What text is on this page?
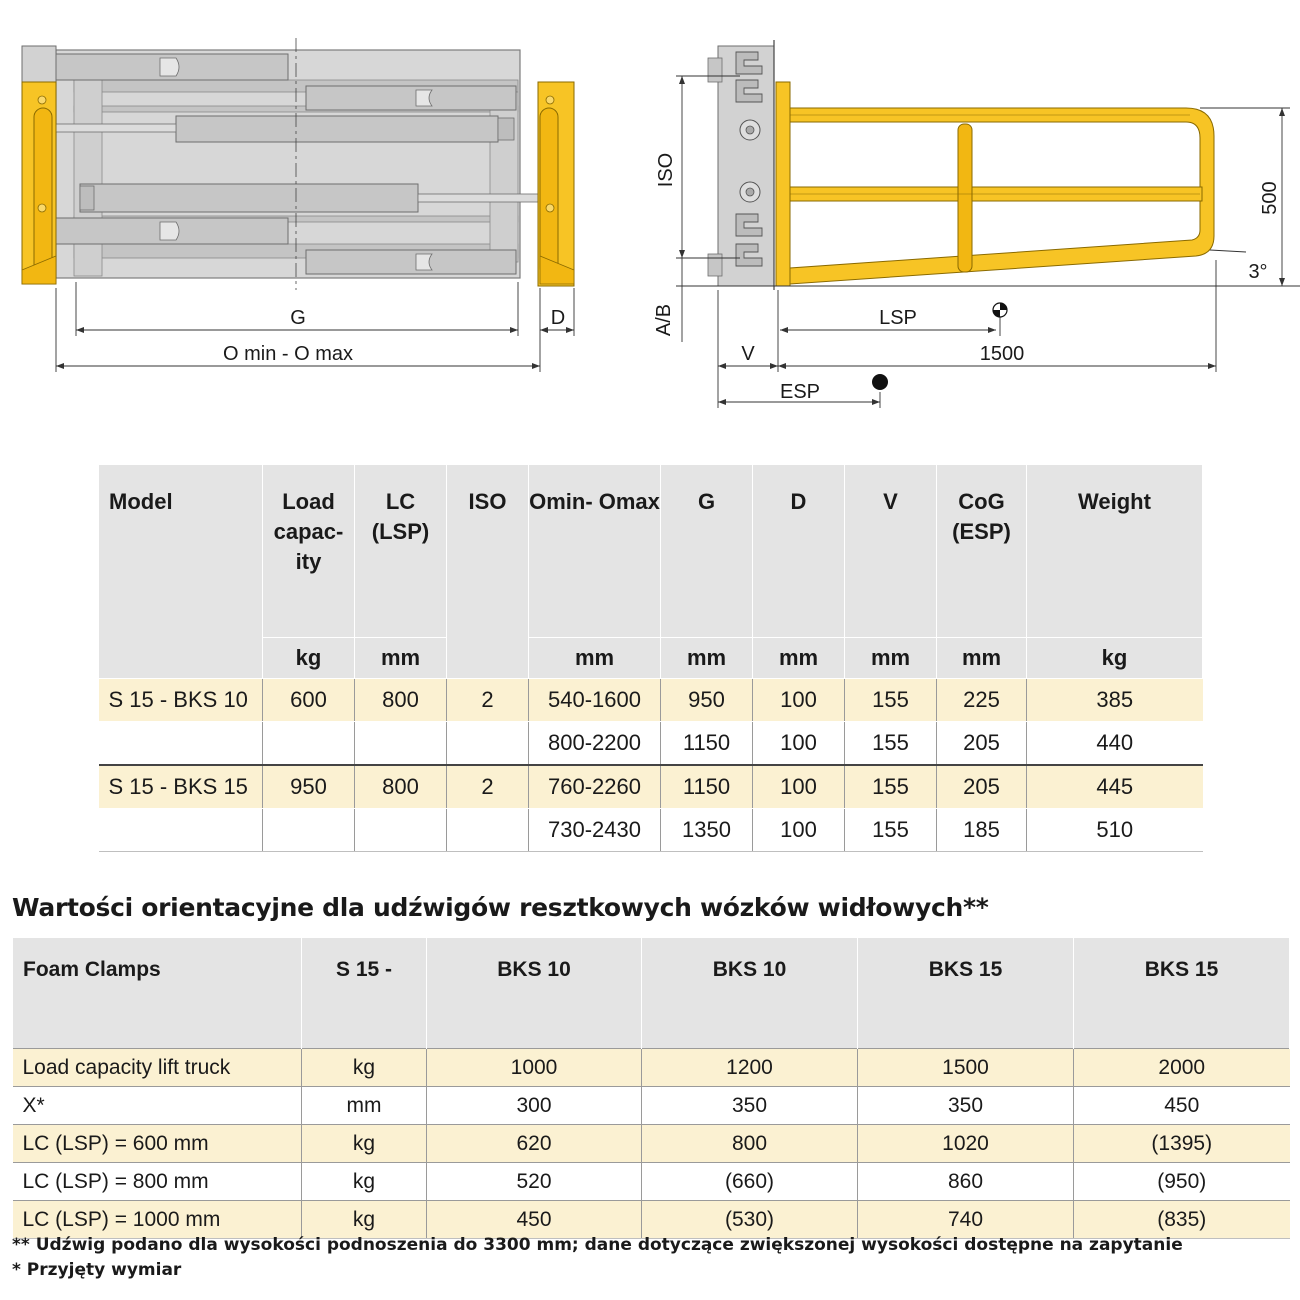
G	D
O min - O max
ISO
500
3°
A/B	LSP
V	1500
ESP
Model	Load capac- ity	LC (LSP)	ISO	Omin- Omax	G	D	V	CoG (ESP)	Weight
	kg	mm		mm	mm	mm	mm	mm	kg
S 15 - BKS 10	600	800	2	540-1600	950	100	155	225	385
				800-2200	1150	100	155	205	440
S 15 - BKS 15	950	800	2	760-2260	1150	100	155	205	445
				730-2430	1350	100	155	185	510
Wartości orientacyjne dla udźwigów resztkowych wózków widłowych**
Foam Clamps	S 15 -	BKS 10	BKS 10	BKS 15	BKS 15
Load capacity lift truck	kg	1000	1200	1500	2000
X*	mm	300	350	350	450
LC (LSP) = 600 mm	kg	620	800	1020	(1395)
LC (LSP) = 800 mm	kg	520	(660)	860	(950)
LC (LSP) = 1000 mm	kg	450	(530)	740	(835)

** Udźwig podano dla wysokości podnoszenia do 3300 mm; dane dotyczące zwiększonej wysokości dostępne na zapytanie

* Przyjęty wymiar
